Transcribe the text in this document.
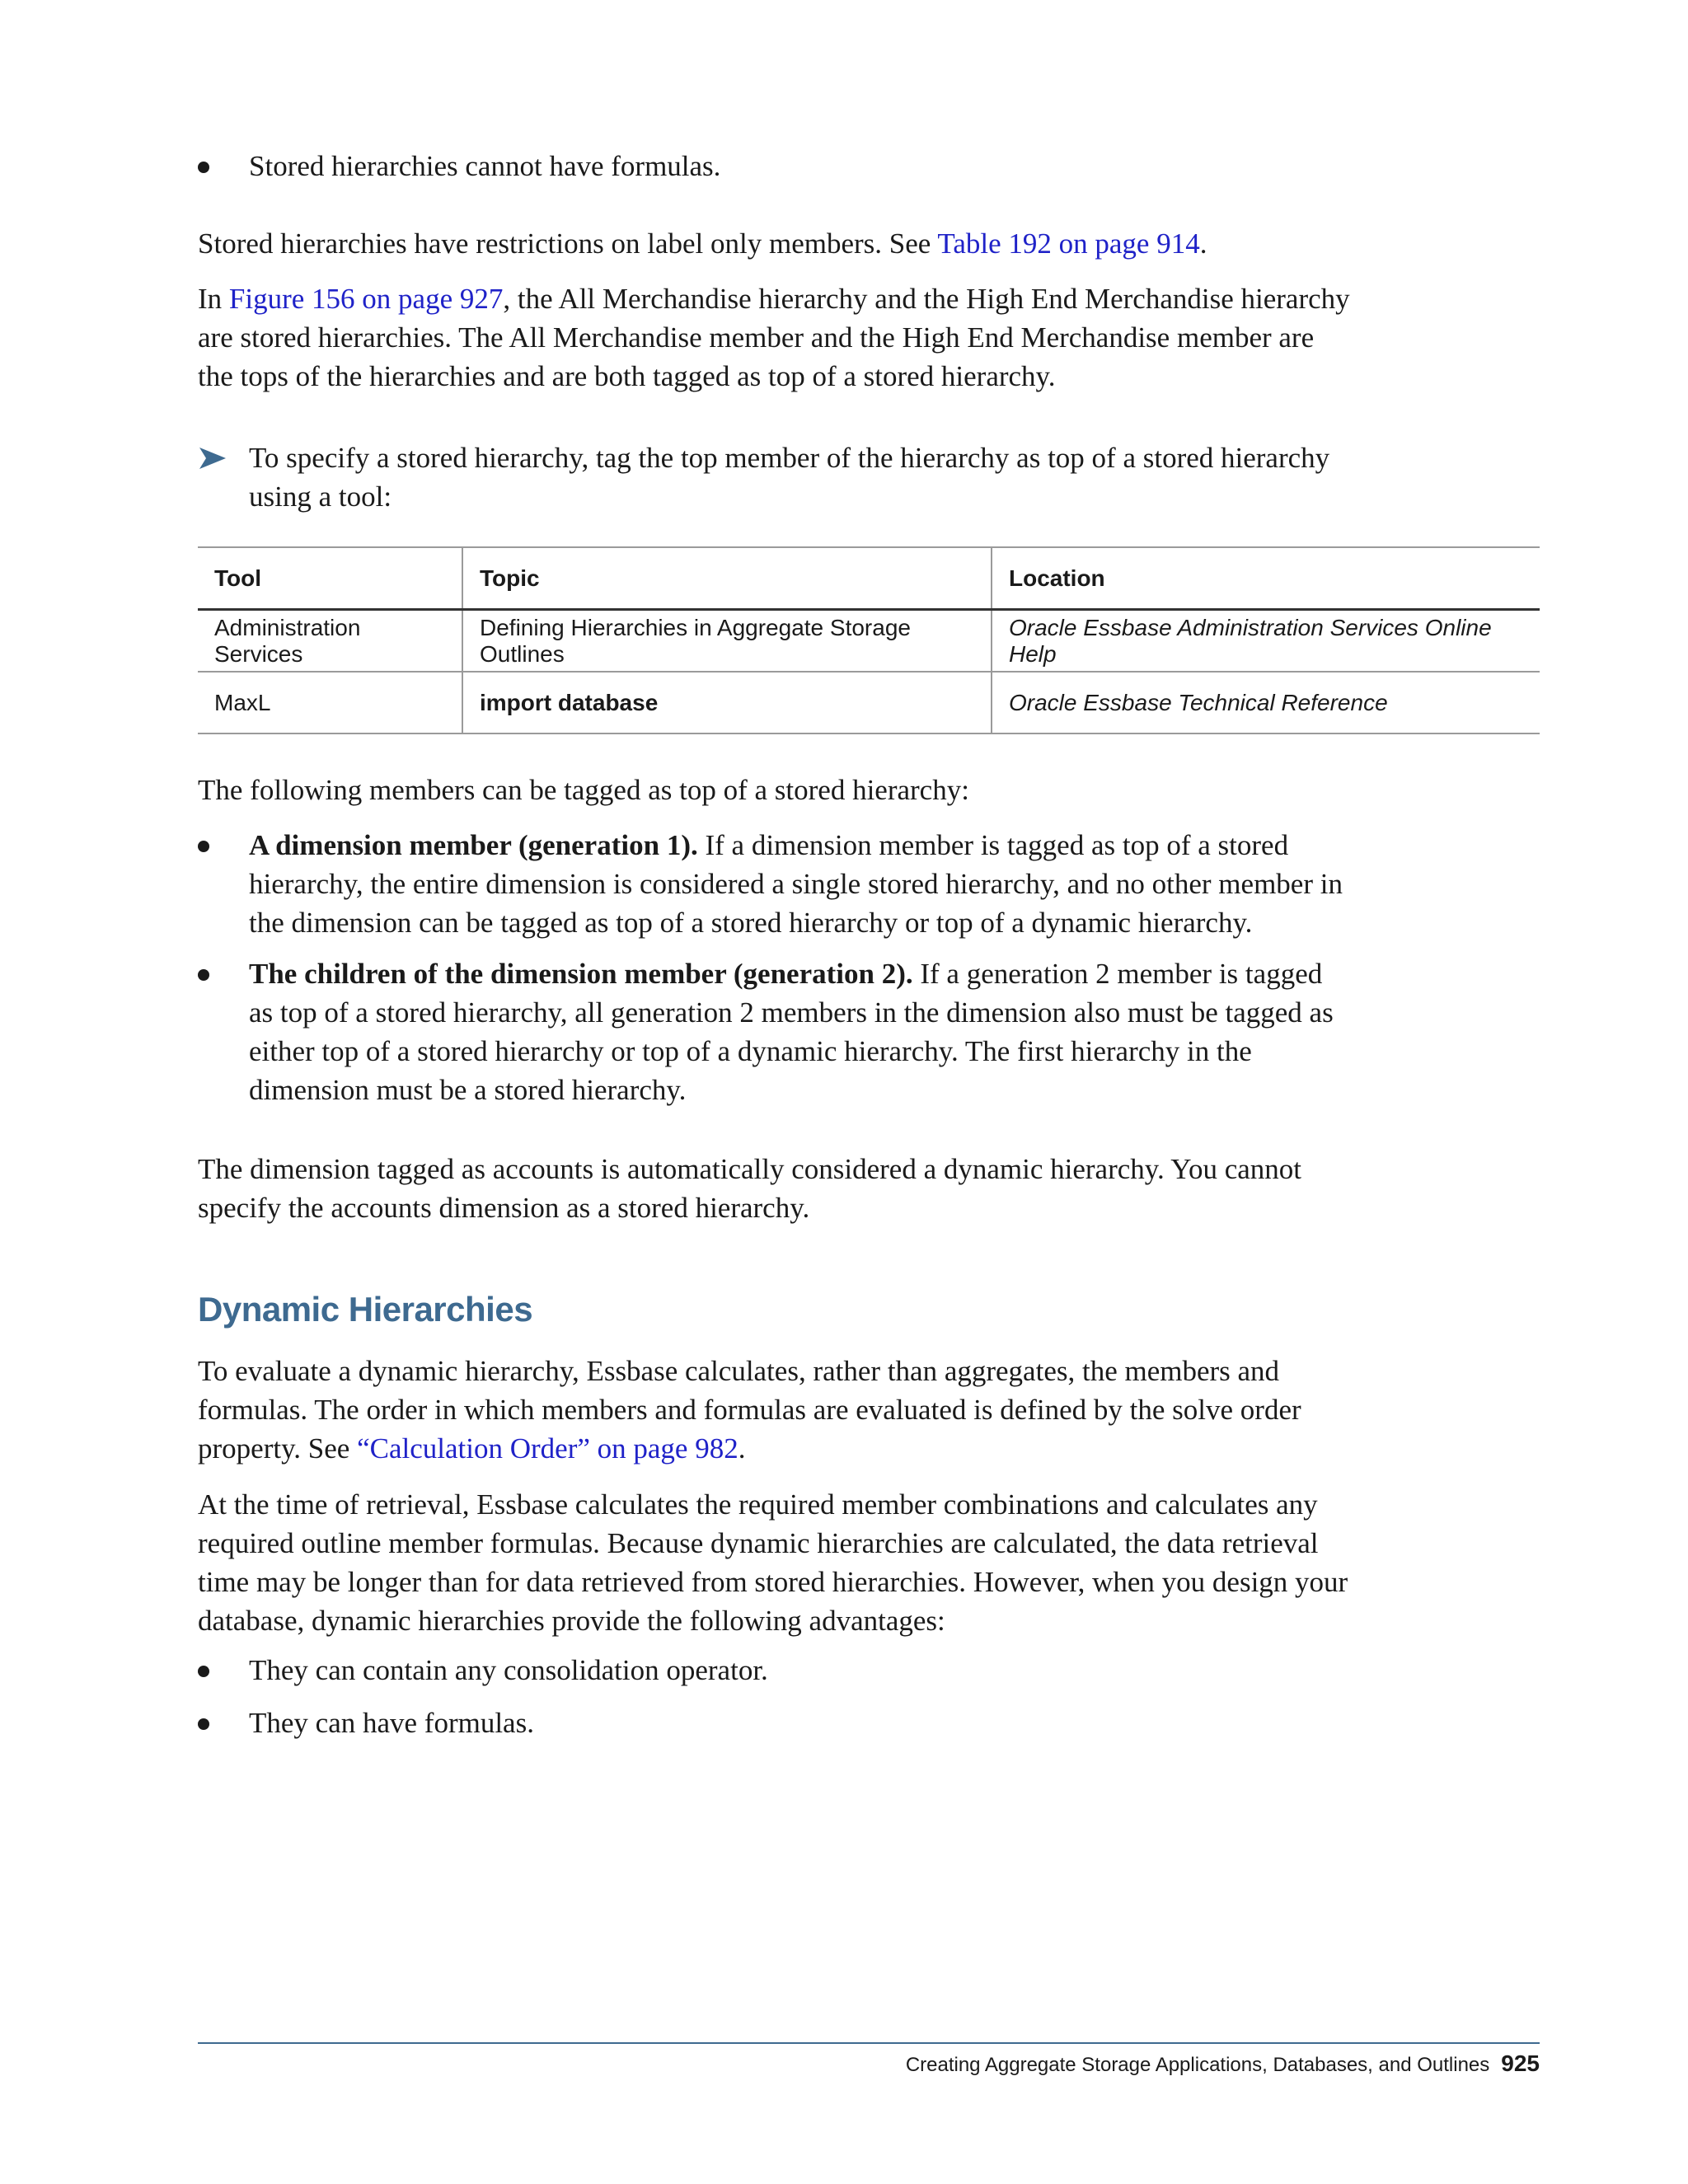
Stored hierarchies cannot have formulas.
Stored hierarchies have restrictions on label only members. See Table 192 on page 914.
In Figure 156 on page 927, the All Merchandise hierarchy and the High End Merchandise hierarchy are stored hierarchies. The All Merchandise member and the High End Merchandise member are the tops of the hierarchies and are both tagged as top of a stored hierarchy.
To specify a stored hierarchy, tag the top member of the hierarchy as top of a stored hierarchy using a tool:
Tool	Topic	Location
Administration Services	Defining Hierarchies in Aggregate Storage Outlines	Oracle Essbase Administration Services Online Help
MaxL	import database	Oracle Essbase Technical Reference
The following members can be tagged as top of a stored hierarchy:
A dimension member (generation 1). If a dimension member is tagged as top of a stored hierarchy, the entire dimension is considered a single stored hierarchy, and no other member in the dimension can be tagged as top of a stored hierarchy or top of a dynamic hierarchy.
The children of the dimension member (generation 2). If a generation 2 member is tagged as top of a stored hierarchy, all generation 2 members in the dimension also must be tagged as either top of a stored hierarchy or top of a dynamic hierarchy. The first hierarchy in the dimension must be a stored hierarchy.
The dimension tagged as accounts is automatically considered a dynamic hierarchy. You cannot specify the accounts dimension as a stored hierarchy.
Dynamic Hierarchies
To evaluate a dynamic hierarchy, Essbase calculates, rather than aggregates, the members and formulas. The order in which members and formulas are evaluated is defined by the solve order property. See “Calculation Order” on page 982.
At the time of retrieval, Essbase calculates the required member combinations and calculates any required outline member formulas. Because dynamic hierarchies are calculated, the data retrieval time may be longer than for data retrieved from stored hierarchies. However, when you design your database, dynamic hierarchies provide the following advantages:
They can contain any consolidation operator.
They can have formulas.
Creating Aggregate Storage Applications, Databases, and Outlines 925
